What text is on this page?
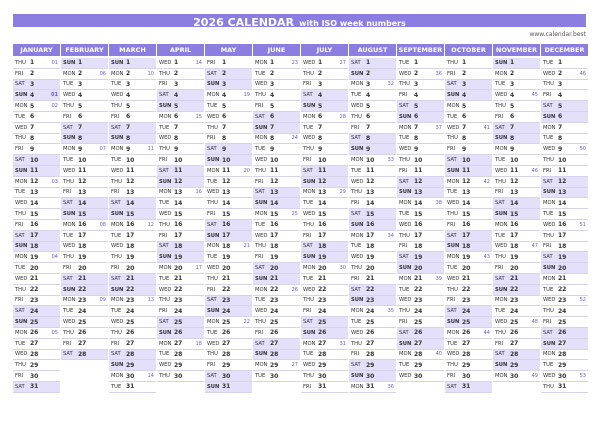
2026 CALENDAR with ISO week numbers
www.calendar.best
JANUARY
THU 1	01
FRI	2
SAT 3
SUN 4	01
MON 5	02
TUE 6
WED 7
THU 8
FRI	9
SAT 10
SUN 11
MON 12	03
TUE 13
WED 14
THU 15
FRI	16
SAT 17
SUN 18
MON 19	04
TUE 20
WED 21
THU 22
FRI	23
SAT 24
SUN 25
MON 26	05
TUE 27
WED 28
THU 29
FRI	30
SAT 31
FEBRUARY
SUN 1
MON 2	06
TUE 3
WED 4
THU 5
FRI	6
SAT 7
SUN 8
MON 9	07
TUE 10
WED 11
THU 12
FRI	13
SAT 14
SUN 15
MON 16	08
TUE 17
WED 18
THU 19
FRI	20
SAT 21
SUN 22
MON 23	09
TUE 24
WED 25
THU 26
FRI	27
SAT 28
MARCH
SUN 1
MON 2	10
TUE 3
WED 4
THU 5
FRI	6
SAT 7
SUN 8
MON 9	11
TUE 10
WED 11
THU 12
FRI	13
SAT 14
SUN 15
MON 16	12
TUE 17
WED 18
THU 19
FRI	20
SAT 21
SUN 22
MON 23	13
TUE 24
WED 25
THU 26
FRI	27
SAT 28
SUN 29
MON 30	14
TUE 31
APRIL
WED 1	14
THU 2
FRI	3
SAT 4
SUN 5
MON 6	15
TUE 7
WED 8
THU 9
FRI	10
SAT 11
SUN 12
MON 13	16
TUE 14
WED 15
THU 16
FRI	17
SAT 18
SUN 19
MON 20	17
TUE 21
WED 22
THU 23
FRI	24
SAT 25
SUN 26
MON 27	18
TUE 28
WED 29
THU 30
MAY
FRI	1
SAT 2
SUN 3
MON 4	19
TUE 5
WED 6
THU 7
FRI	8
SAT 9
SUN 10
MON 11	20
TUE 12
WED 13
THU 14
FRI	15
SAT 16
SUN 17
MON 18	21
TUE 19
WED 20
THU 21
FRI	22
SAT 23
SUN 24
MON 25	22
TUE 26
WED 27
THU 28
FRI	29
SAT 30
SUN 31
JUNE
MON 1	23
TUE 2
WED 3
THU 4
FRI	5
SAT 6
SUN 7
MON 8	24
TUE 9
WED 10
THU 11
FRI	12
SAT 13
SUN 14
MON 15	25
TUE 16
WED 17
THU 18
FRI	19
SAT 20
SUN 21
MON 22	26
TUE 23
WED 24
THU 25
FRI	26
SAT 27
SUN 28
MON 29	27
TUE 30
JULY
WED 1	27
THU 2
FRI	3
SAT 4
SUN 5
MON 6	28
TUE 7
WED 8
THU 9
FRI	10
SAT 11
SUN 12
MON 13	29
TUE 14
WED 15
THU 16
FRI	17
SAT 18
SUN 19
MON 20	30
TUE 21
WED 22
THU 23
FRI	24
SAT 25
SUN 26
MON 27	31
TUE 28
WED 29
THU 30
FRI	31
AUGUST
SAT 1
SUN 2
MON 3	32
TUE 4
WED 5
THU 6
FRI	7
SAT 8
SUN 9
MON 10	33
TUE 11
WED 12
THU 13
FRI	14
SAT 15
SUN 16
MON 17	34
TUE 18
WED 19
THU 20
FRI	21
SAT 22
SUN 23
MON 24	35
TUE 25
WED 26
THU 27
FRI	28
SAT 29
SUN 30
MON 31	36
SEPTEMBER
TUE 1
WED 2	36
THU 3
FRI	4
SAT 5
SUN 6
MON 7	37
TUE 8
WED 9
THU 10
FRI	11
SAT 12
SUN 13
MON 14	38
TUE 15
WED 16
THU 17
FRI	18
SAT 19
SUN 20
MON 21	39
TUE 22
WED 23
THU 24
FRI	25
SAT 26
SUN 27
MON 28	40
TUE 29
WED 30
OCTOBER
THU 1
FRI	2
SAT 3
SUN 4
MON 5
TUE 6
WED 7	41
THU 8
FRI	9
SAT 10
SUN 11
MON 12	42
TUE 13
WED 14
THU 15
FRI	16
SAT 17
SUN 18
MON 19	43
TUE 20
WED 21
THU 22
FRI	23
SAT 24
SUN 25
MON 26	44
TUE 27
WED 28
THU 29
FRI	30
SAT 31
NOVEMBER
SUN 1
MON 2
TUE 3
WED 4	45
THU 5
FRI	6
SAT 7
SUN 8
MON 9
TUE 10
WED 11	46
THU 12
FRI	13
SAT 14
SUN 15
MON 16
TUE 17
WED 18	47
THU 19
FRI	20
SAT 21
SUN 22
MON 23
TUE 24
WED 25	48
THU 26
FRI	27
SAT 28
SUN 29
MON 30	49
DECEMBER
TUE 1
WED 2	46
THU 3
FRI	4
SAT 5
SUN 6
MON 7
TUE 8
WED 9	50
THU 10
FRI	11
SAT 12
SUN 13
MON 14
TUE 15
WED 16	51
THU 17
FRI	18
SAT 19
SUN 20
MON 21
TUE 22
WED 23	52
THU 24
FRI	25
SAT 26
SUN 27
MON 28
TUE 29
WED 30	53
THU 31
